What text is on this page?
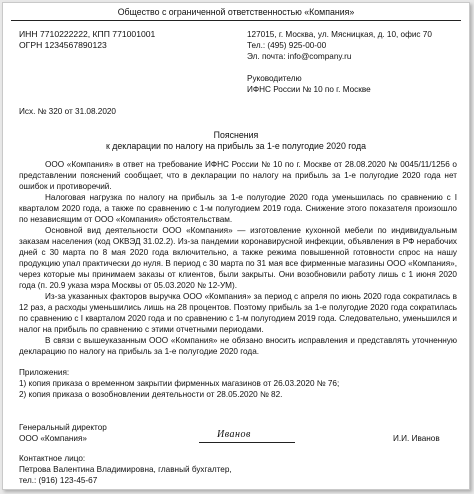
Общество с ограниченной ответственностью «Компания»
ИНН 7710222222, КПП 771001001
ОГРН 1234567890123
127015, г. Москва, ул. Мясницкая, д. 10, офис 70
Тел.: (495) 925-00-00
Эл. почта: info@company.ru
Руководителю
ИФНС России № 10 по г. Москве
Исх. № 320 от 31.08.2020
Пояснения
к декларации по налогу на прибыль за 1-е полугодие 2020 года

ООО «Компания» в ответ на требование ИФНС России № 10 по г. Москве от 28.08.2020 № 0045/11/1256 о представлении пояснений сообщает, что в декларации по налогу на прибыль за 1-е полугодие 2020 года нет ошибок и противоречий.

Налоговая нагрузка по налогу на прибыль за 1-е полугодие 2020 года уменьшилась по сравнению с I кварталом 2020 года, а также по сравнению с 1-м полугодием 2019 года. Снижение этого показателя произошло по независящим от ООО «Компания» обстоятельствам.

Основной вид деятельности ООО «Компания» — изготовление кухонной мебели по индивидуальным заказам населения (код ОКВЭД 31.02.2). Из-за пандемии коронавирусной инфекции, объявления в РФ нерабочих дней с 30 марта по 8 мая 2020 года включительно, а также режима повышенной готовности спрос на нашу продукцию упал практически до нуля. В период с 30 марта по 31 мая все фирменные магазины ООО «Компания», через которые мы принимаем заказы от клиентов, были закрыты. Они возобновили работу лишь с 1 июня 2020 года (п. 20.9 указа мэра Москвы от 05.03.2020 № 12-УМ).

Из-за указанных факторов выручка ООО «Компания» за период с апреля по июнь 2020 года сократилась в 12 раз, а расходы уменьшились лишь на 28 процентов. Поэтому прибыль за 1-е полугодие 2020 года сократилась по сравнению с I кварталом 2020 года и по сравнению с 1-м полугодием 2019 года. Следовательно, уменьшился и налог на прибыль по сравнению с этими отчетными периодами.

В связи с вышеуказанным ООО «Компания» не обязано вносить исправления и представлять уточненную декларацию по налогу на прибыль за 1-е полугодие 2020 года.

Приложения:

1) копия приказа о временном закрытии фирменных магазинов от 26.03.2020 № 76;

2) копия приказа о возобновлении деятельности от 28.05.2020 № 82.

Генеральный директор
ООО «Компания»	Иванов	И.И. Иванов
Контактное лицо:
Петрова Валентина Владимировна, главный бухгалтер,
тел.: (916) 123-45-67
